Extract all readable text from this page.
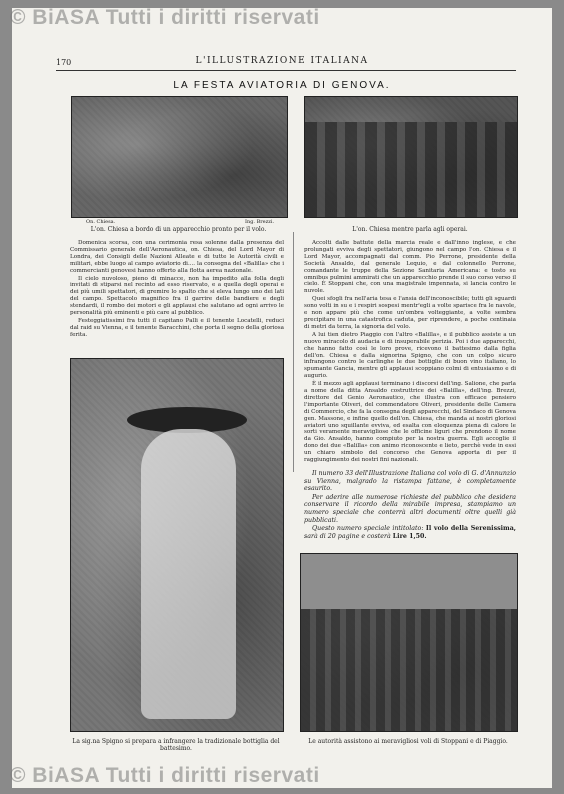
© BiASA Tutti i diritti riservati
170	L'ILLUSTRAZIONE ITALIANA
LA FESTA AVIATORIA DI GENOVA.
On. Chiesa.	Ing. Brezzi.
L'on. Chiesa a bordo di un apparecchio pronto per il volo.	L'on. Chiesa mentre parla agli operai.

Domenica scorsa, con una cerimonia resa solenne dalla presenza del Commissario generale dell'Aeronautica, on. Chiesa, del Lord Mayor di Londra, dei Consigli delle Nazioni Alleate e di tutte le Autorità civili e militari, ebbe luogo al campo aviatorio di.... la consegna del «Balilla» che i commercianti genovesi hanno offerto alla flotta aerea nazionale.

Il cielo nuvoloso, pieno di minacce, non ha impedito alla folla degli invitati di stiparsi nel recinto ad esso riservato, e a quella degli operai e dei più umili spettatori, di gremire lo spalto che si eleva lungo uno dei lati del campo. Spettacolo magnifico fra il garrire delle bandiere e degli stendardi, il rombo dei motori e gli applausi che salutano ad ogni arrivo le personalità più eminenti e più care al pubblico.

Festeggiatissimi fra tutti il capitano Palli e il tenente Locatelli, reduci dal raid su Vienna, e il tenente Baracchini, che porta il segno della gloriosa ferita.

Accolti dalle battute della marcia reale e dall'inno inglese, e che prolungati evviva degli spettatori, giungono nel campo l'on. Chiesa e il Lord Mayor, accompagnati dal comm. Pio Perrone, presidente della Società Ansaldo, dal generale Lequio, e dal colonnello Perrone, comandante le truppe della Sezione Sanitaria Americana: e tosto su omnibus pulmini ammirati che un apparecchio prende il suo corso verso il cielo. È Stoppani che, con una magistrale impennata, si lancia contro le nuvole.

Quei sfogli fra nell'aria tesa e l'ansia dell'inconoscibile; tutti gli sguardi sono volti in su e i respiri sospesi mentr'egli a volte sparisce fra le navole, e non appare più che come un'ombra volteggiante, a volte sembra precipitare in una catastrofica caduta, per riprendere, a poche centinaia di metri da terra, la signoria del volo.

A lui tien dietro Piaggio con l'altro «Balilla», e il pubblico assiste a un nuovo miracolo di audacia e di insuperabile perizia. Poi i due apparecchi, che hanno fatto così le loro prove, ricevono il battesimo dalla figlia dell'on. Chiesa e dalla signorina Spigno, che con un colpo sicuro infrangono contro le carlinghe le due bottiglie di buon vino italiano, lo spumante Gancia, mentre gli applausi scoppiano colmi di entusiasmo e di augurio.

È il mezzo agli applausi terminano i discorsi dell'ing. Salione, che parla a nome della ditta Ansaldo costruttrice dei «Balilla», dell'ing. Brezzi, direttore del Genio Aeronautico, che illustra con efficace pensiero l'importante Oliveri, del commendatore Oliveri, presidente delle Camera di Commercio, che fa la consegna degli apparecchi, del Sindaco di Genova gen. Massone, e infine quello dell'on. Chiesa, che manda ai nostri gloriosi aviatori uno squillante evviva, ed esalta con eloquenza piena di calore le sorti veramente meravigliose che le officine liguri che prendono il nome da Gio. Ansaldo, hanno compiuto per la nostra guerra. Egli accoglie il dono dei due «Balilla» con animo riconoscente e lieto, perchè vede in essi un chiaro simbolo del concorso che Genova apporta di per il raggiungimento dei nostri fini nazionali.

Il numero 33 dell'Illustrazione Italiana col volo di G. d'Annunzio su Vienna, malgrado la ristampa fattane, è completamente esaurito.

Per aderire alle numerose richieste del pubblico che desidera conservare il ricordo della mirabile impresa, stampiamo un numero speciale che conterrà altri documenti oltre quelli già pubblicati.

Questo numero speciale intitolato: Il volo della Serenissima, sarà di 20 pagine e costerà Lire 1,50.

La sig.na Spigno si prepara a infrangere la tradizionale bottiglia del battesimo.
Le autorità assistono ai meravigliosi voli di Stoppani e di Piaggio.
© BiASA Tutti i diritti riservati
